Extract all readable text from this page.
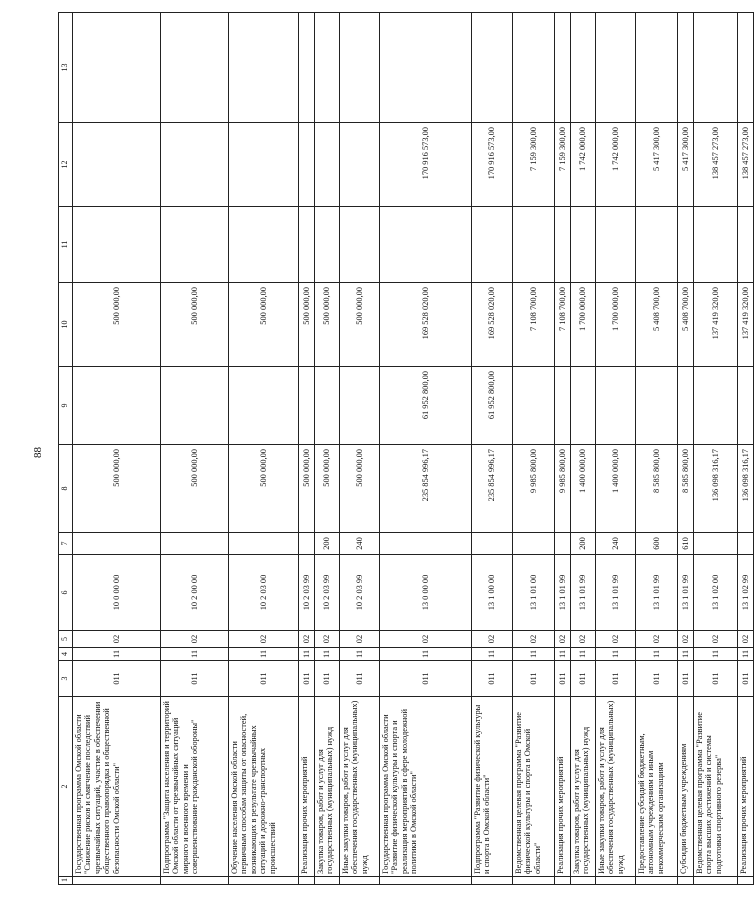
88
1	2	3	4	5	6	7	8	9	10	11	12	13
	Государственная программа Омской области "Снижение рисков и смягчение последствий чрезвычайных ситуаций, участие в обеспечении общественного правопорядка и общественной безопасности Омской области"	011	11	02	10 0 00 00		500 000,00		500 000,00			
	Подпрограмма "Защита населения и территорий Омской области от чрезвычайных ситуаций мирного и военного времени и совершенствование гражданской обороны"	011	11	02	10 2 00 00		500 000,00		500 000,00			
	Обучение населения Омской области первичным способам защиты от опасностей, возникающих в результате чрезвычайных ситуаций и дорожно-транспортных происшествий	011	11	02	10 2 03 00		500 000,00		500 000,00			
	Реализация прочих мероприятий	011	11	02	10 2 03 99		500 000,00		500 000,00			
	Закупка товаров, работ и услуг для государственных (муниципальных) нужд	011	11	02	10 2 03 99	200	500 000,00		500 000,00			
	Иные закупки товаров, работ и услуг для обеспечения государственных (муниципальных) нужд	011	11	02	10 2 03 99	240	500 000,00		500 000,00			
	Государственная программа Омской области "Развитие физической культуры и спорта и реализация мероприятий в сфере молодежной политики в Омской области"	011	11	02	13 0 00 00		235 854 996,17	61 952 800,00	169 528 020,00		170 916 573,00	
	Подпрограмма "Развитие физической культуры и спорта в Омской области"	011	11	02	13 1 00 00		235 854 996,17	61 952 800,00	169 528 020,00		170 916 573,00	
	Ведомственная целевая программа "Развитие физической культуры и спорта в Омской области"	011	11	02	13 1 01 00		9 985 800,00		7 108 700,00		7 159 300,00	
	Реализация прочих мероприятий	011	11	02	13 1 01 99		9 985 800,00		7 108 700,00		7 159 300,00	
	Закупка товаров, работ и услуг для государственных (муниципальных) нужд	011	11	02	13 1 01 99	200	1 400 000,00		1 700 000,00		1 742 000,00	
	Иные закупки товаров, работ и услуг для обеспечения государственных (муниципальных) нужд	011	11	02	13 1 01 99	240	1 400 000,00		1 700 000,00		1 742 000,00	
	Предоставление субсидий бюджетным, автономным учреждениям и иным некоммерческим организациям	011	11	02	13 1 01 99	600	8 585 800,00		5 408 700,00		5 417 300,00	
	Субсидии бюджетным учреждениям	011	11	02	13 1 01 99	610	8 585 800,00		5 408 700,00		5 417 300,00	
	Ведомственная целевая программа "Развитие спорта высших достижений и системы подготовки спортивного резерва"	011	11	02	13 1 02 00		136 098 316,17		137 419 320,00		138 457 273,00	
	Реализация прочих мероприятий	011	11	02	13 1 02 99		136 098 316,17		137 419 320,00		138 457 273,00	
